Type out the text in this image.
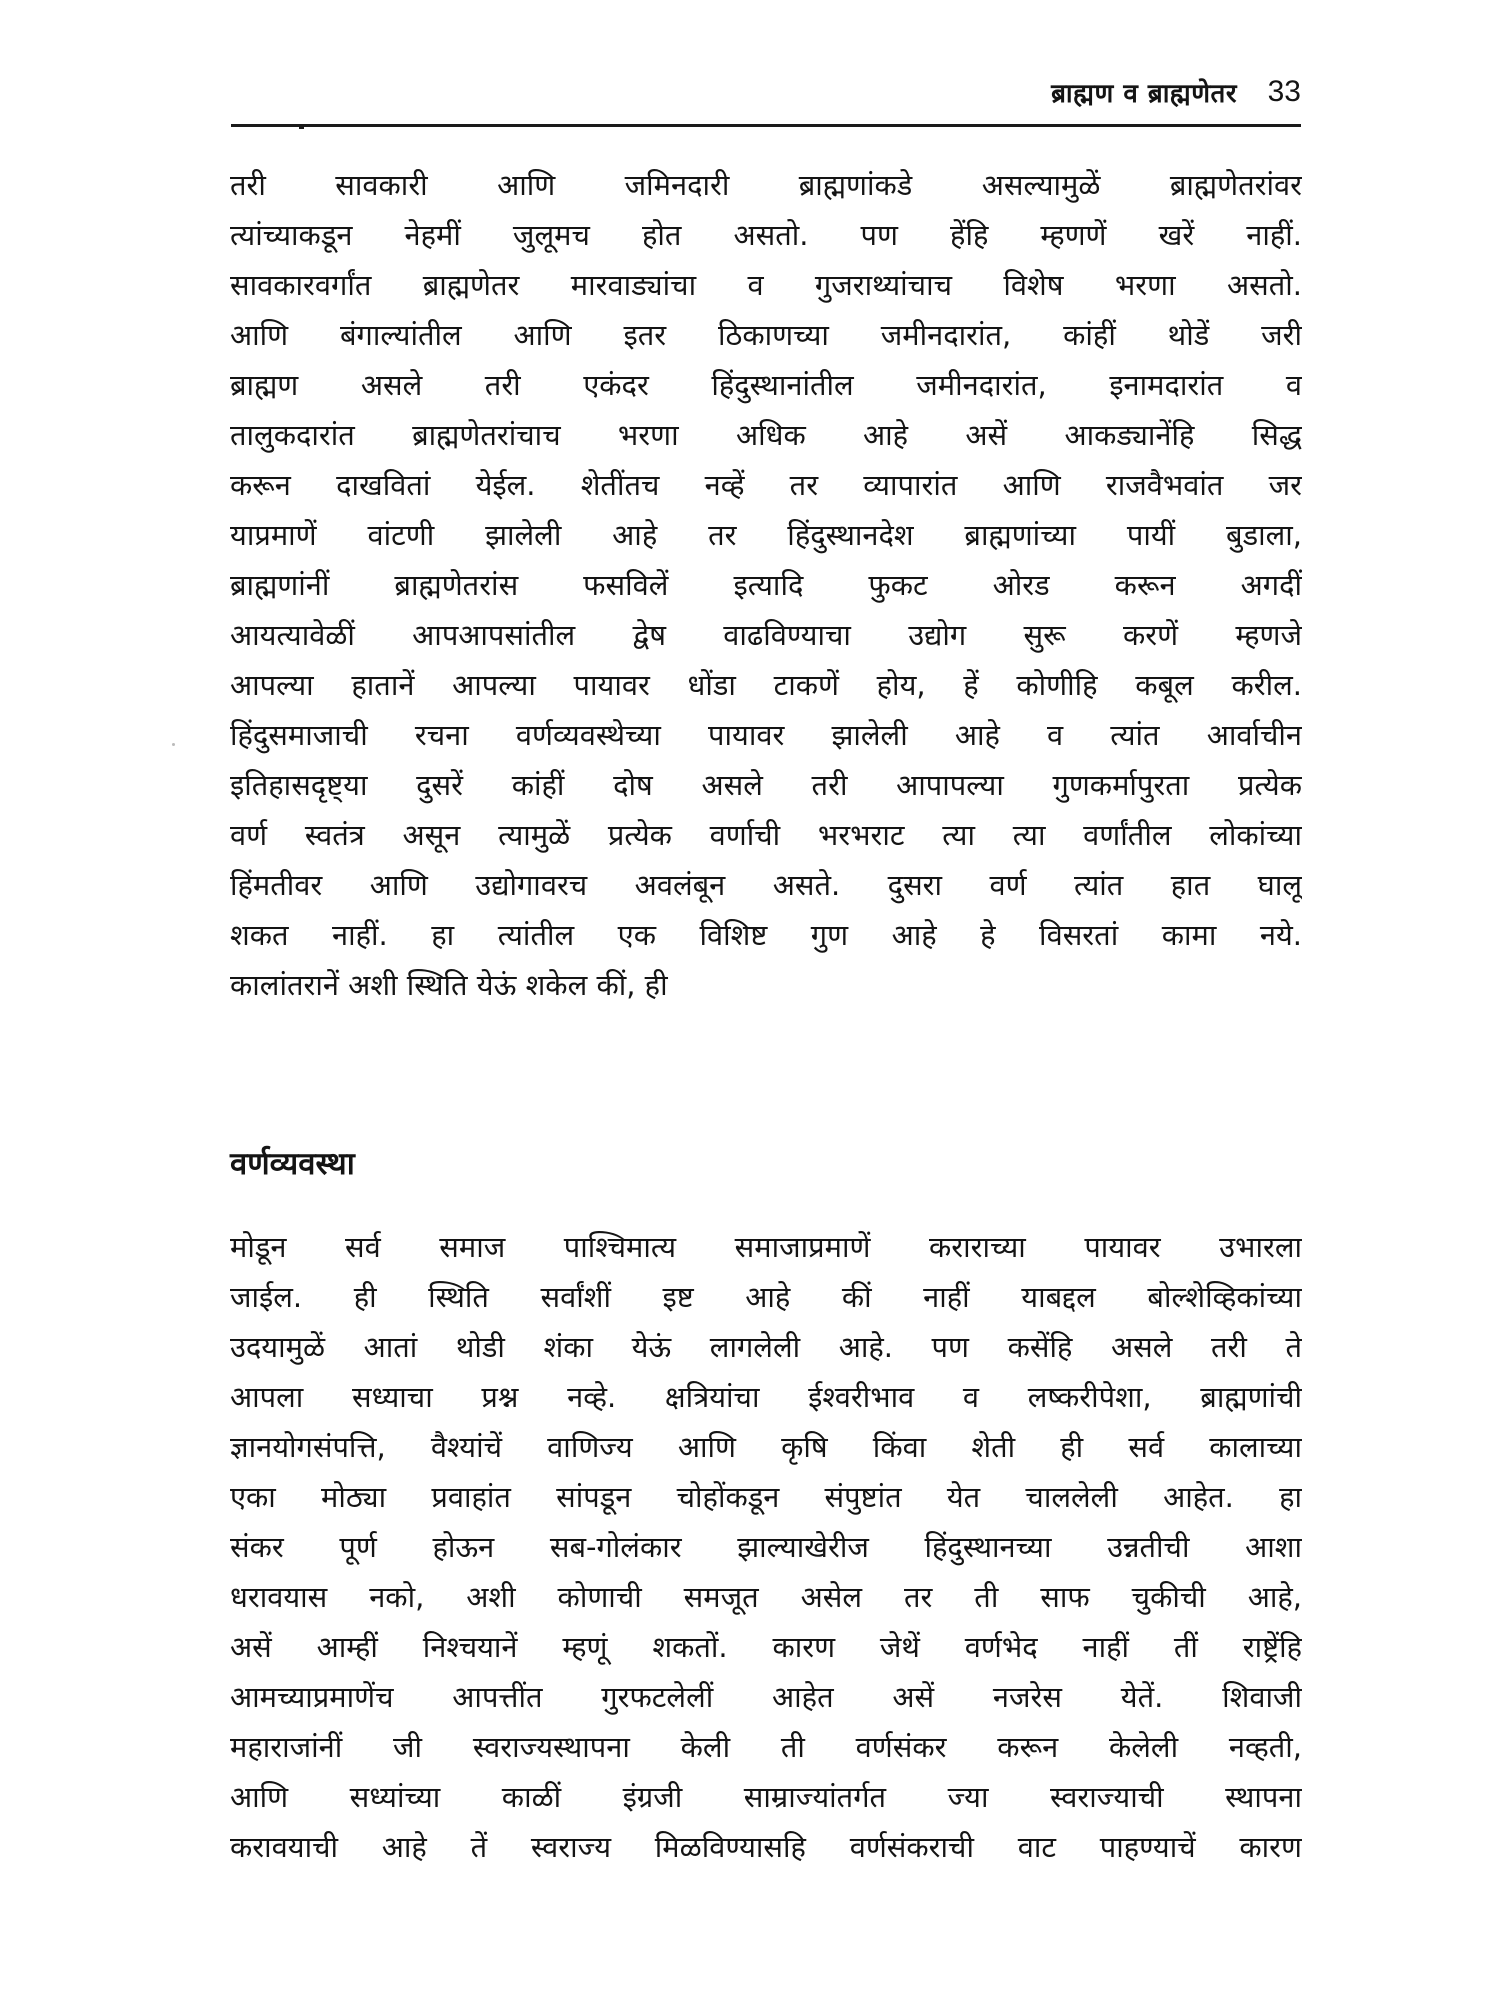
ब्राह्मण व ब्राह्मणेतर 33
तरी सावकारी आणि जमिनदारी ब्राह्मणांकडे असल्यामुळें ब्राह्मणेतरांवर
त्यांच्याकडून नेहमीं जुलूमच होत असतो. पण हेंहि म्हणणें खरें नाहीं.
सावकारवर्गांत ब्राह्मणेतर मारवाड्यांचा व गुजराथ्यांचाच विशेष भरणा असतो.
आणि बंगाल्यांतील आणि इतर ठिकाणच्या जमीनदारांत, कांहीं थोडें जरी
ब्राह्मण असले तरी एकंदर हिंदुस्थानांतील जमीनदारांत, इनामदारांत व
तालुकदारांत ब्राह्मणेतरांचाच भरणा अधिक आहे असें आकड्यानेंहि सिद्ध
करून दाखवितां येईल. शेतींतच नव्हें तर व्यापारांत आणि राजवैभवांत जर
याप्रमाणें वांटणी झालेली आहे तर हिंदुस्थानदेश ब्राह्मणांच्या पायीं बुडाला,
ब्राह्मणांनीं ब्राह्मणेतरांस फसविलें इत्यादि फुकट ओरड करून अगदीं
आयत्यावेळीं आपआपसांतील द्वेष वाढविण्याचा उद्योग सुरू करणें म्हणजे
आपल्या हातानें आपल्या पायावर धोंडा टाकणें होय, हें कोणीहि कबूल करील.
हिंदुसमाजाची रचना वर्णव्यवस्थेच्या पायावर झालेली आहे व त्यांत आर्वाचीन
इतिहासदृष्ट्या दुसरें कांहीं दोष असले तरी आपापल्या गुणकर्मापुरता प्रत्येक
वर्ण स्वतंत्र असून त्यामुळें प्रत्येक वर्णाची भरभराट त्या त्या वर्णांतील लोकांच्या
हिंमतीवर आणि उद्योगावरच अवलंबून असते. दुसरा वर्ण त्यांत हात घालू
शकत नाहीं. हा त्यांतील एक विशिष्ट गुण आहे हे विसरतां कामा नये.
कालांतरानें अशी स्थिति येऊं शकेल कीं, ही
वर्णव्यवस्था
मोडून सर्व समाज पाश्चिमात्य समाजाप्रमाणें कराराच्या पायावर उभारला
जाईल. ही स्थिति सर्वांशीं इष्ट आहे कीं नाहीं याबद्दल बोल्शेव्हिकांच्या
उदयामुळें आतां थोडी शंका येऊं लागलेली आहे. पण कसेंहि असले तरी ते
आपला सध्याचा प्रश्न नव्हे. क्षत्रियांचा ईश्वरीभाव व लष्करीपेशा, ब्राह्मणांची
ज्ञानयोगसंपत्ति, वैश्यांचें वाणिज्य आणि कृषि किंवा शेती ही सर्व कालाच्या
एका मोठ्या प्रवाहांत सांपडून चोहोंकडून संपुष्टांत येत चाललेली आहेत. हा
संकर पूर्ण होऊन सब-गोलंकार झाल्याखेरीज हिंदुस्थानच्या उन्नतीची आशा
धरावयास नको, अशी कोणाची समजूत असेल तर ती साफ चुकीची आहे,
असें आम्हीं निश्चयानें म्हणूं शकतों. कारण जेथें वर्णभेद नाहीं तीं राष्ट्रेंहि
आमच्याप्रमाणेंच आपत्तींत गुरफटलेलीं आहेत असें नजरेस येतें. शिवाजी
महाराजांनीं जी स्वराज्यस्थापना केली ती वर्णसंकर करून केलेली नव्हती,
आणि सध्यांच्या काळीं इंग्रजी साम्राज्यांतर्गत ज्या स्वराज्याची स्थापना
करावयाची आहे तें स्वराज्य मिळविण्यासहि वर्णसंकराची वाट पाहण्याचें कारण
